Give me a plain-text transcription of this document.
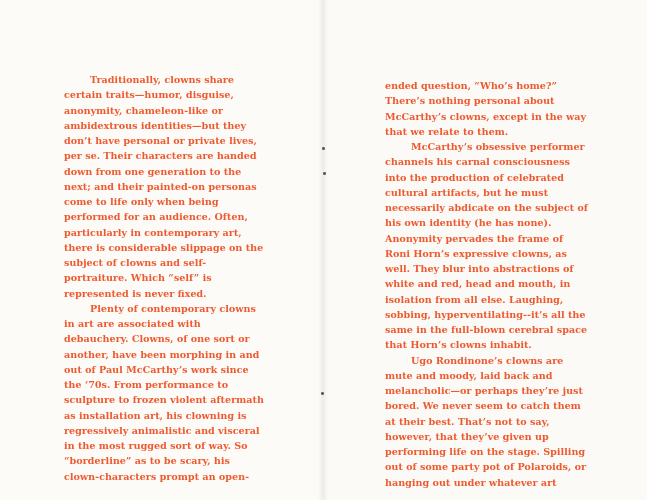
Traditionally, clowns share
certain traits—humor, disguise,
anonymity, chameleon-like or
ambidextrous identities—but they
don’t have personal or private lives,
per se. Their characters are handed
down from one generation to the
next; and their painted-on personas
come to life only when being
performed for an audience. Often,
particularly in contemporary art,
there is considerable slippage on the
subject of clowns and self-
portraiture. Which “self” is
represented is never fixed.
Plenty of contemporary clowns
in art are associated with
debauchery. Clowns, of one sort or
another, have been morphing in and
out of Paul McCarthy’s work since
the ‘70s. From performance to
sculpture to frozen violent aftermath
as installation art, his clowning is
regressively animalistic and visceral
in the most rugged sort of way. So
“borderline” as to be scary, his
clown-characters prompt an open-
ended question, “Who’s home?”
There’s nothing personal about
McCarthy’s clowns, except in the way
that we relate to them.
McCarthy’s obsessive performer
channels his carnal consciousness
into the production of celebrated
cultural artifacts, but he must
necessarily abdicate on the subject of
his own identity (he has none).
Anonymity pervades the frame of
Roni Horn’s expressive clowns, as
well. They blur into abstractions of
white and red, head and mouth, in
isolation from all else. Laughing,
sobbing, hyperventilating--it’s all the
same in the full-blown cerebral space
that Horn’s clowns inhabit.
Ugo Rondinone’s clowns are
mute and moody, laid back and
melancholic—or perhaps they’re just
bored. We never seem to catch them
at their best. That’s not to say,
however, that they’ve given up
performing life on the stage. Spilling
out of some party pot of Polaroids, or
hanging out under whatever art
